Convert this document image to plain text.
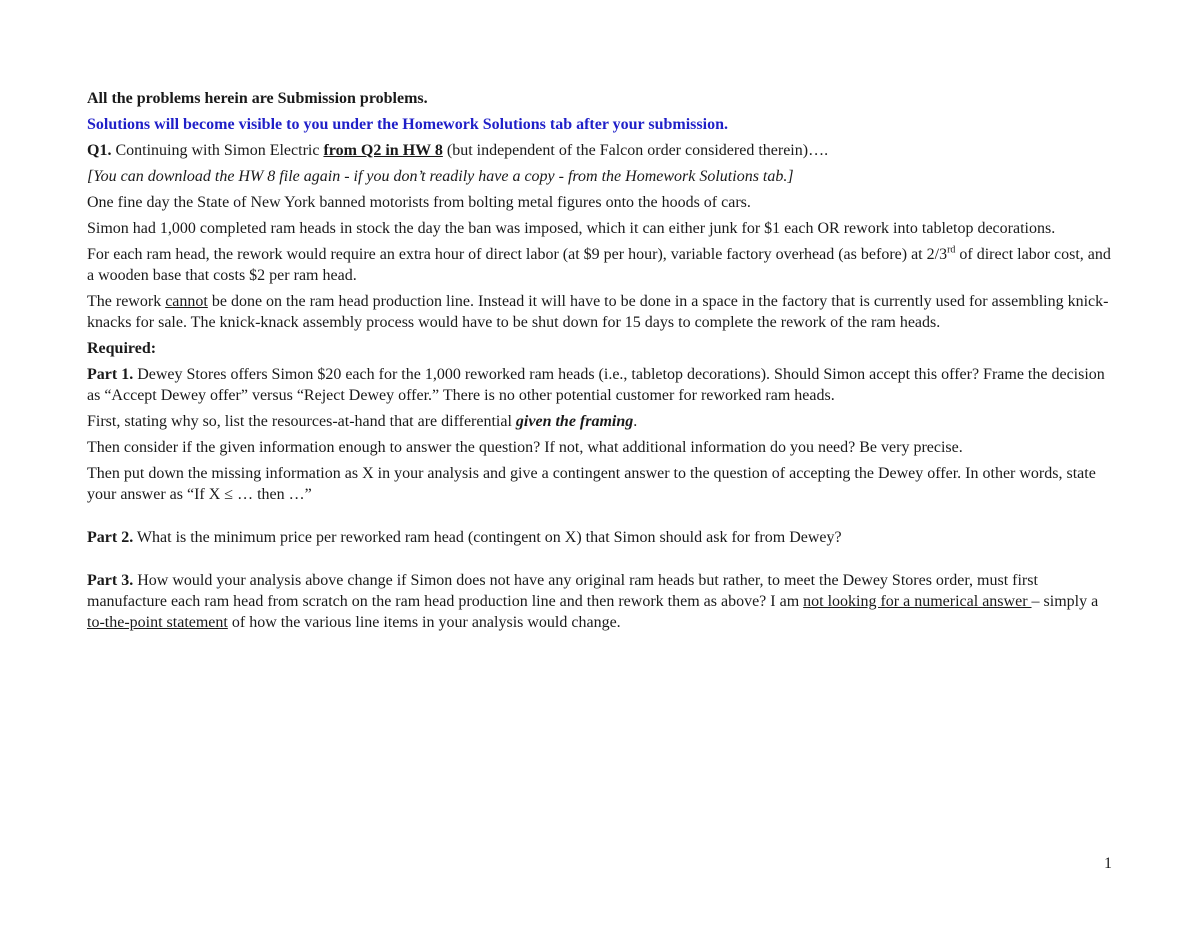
All the problems herein are Submission problems.

Solutions will become visible to you under the Homework Solutions tab after your submission.

Q1. Continuing with Simon Electric from Q2 in HW 8 (but independent of the Falcon order considered therein)….

[You can download the HW 8 file again - if you don’t readily have a copy - from the Homework Solutions tab.]

One fine day the State of New York banned motorists from bolting metal figures onto the hoods of cars.

Simon had 1,000 completed ram heads in stock the day the ban was imposed, which it can either junk for $1 each OR rework into tabletop decorations.

For each ram head, the rework would require an extra hour of direct labor (at $9 per hour), variable factory overhead (as before) at 2/3rd of direct labor cost, and a wooden base that costs $2 per ram head.

The rework cannot be done on the ram head production line. Instead it will have to be done in a space in the factory that is currently used for assembling knick-knacks for sale. The knick-knack assembly process would have to be shut down for 15 days to complete the rework of the ram heads.

Required:

Part 1. Dewey Stores offers Simon $20 each for the 1,000 reworked ram heads (i.e., tabletop decorations). Should Simon accept this offer? Frame the decision as “Accept Dewey offer” versus “Reject Dewey offer.” There is no other potential customer for reworked ram heads.

First, stating why so, list the resources-at-hand that are differential given the framing.

Then consider if the given information enough to answer the question? If not, what additional information do you need? Be very precise.

Then put down the missing information as X in your analysis and give a contingent answer to the question of accepting the Dewey offer. In other words, state your answer as “If X ≤ … then …”

Part 2. What is the minimum price per reworked ram head (contingent on X) that Simon should ask for from Dewey?

Part 3. How would your analysis above change if Simon does not have any original ram heads but rather, to meet the Dewey Stores order, must first manufacture each ram head from scratch on the ram head production line and then rework them as above? I am not looking for a numerical answer – simply a to-the-point statement of how the various line items in your analysis would change.

1
